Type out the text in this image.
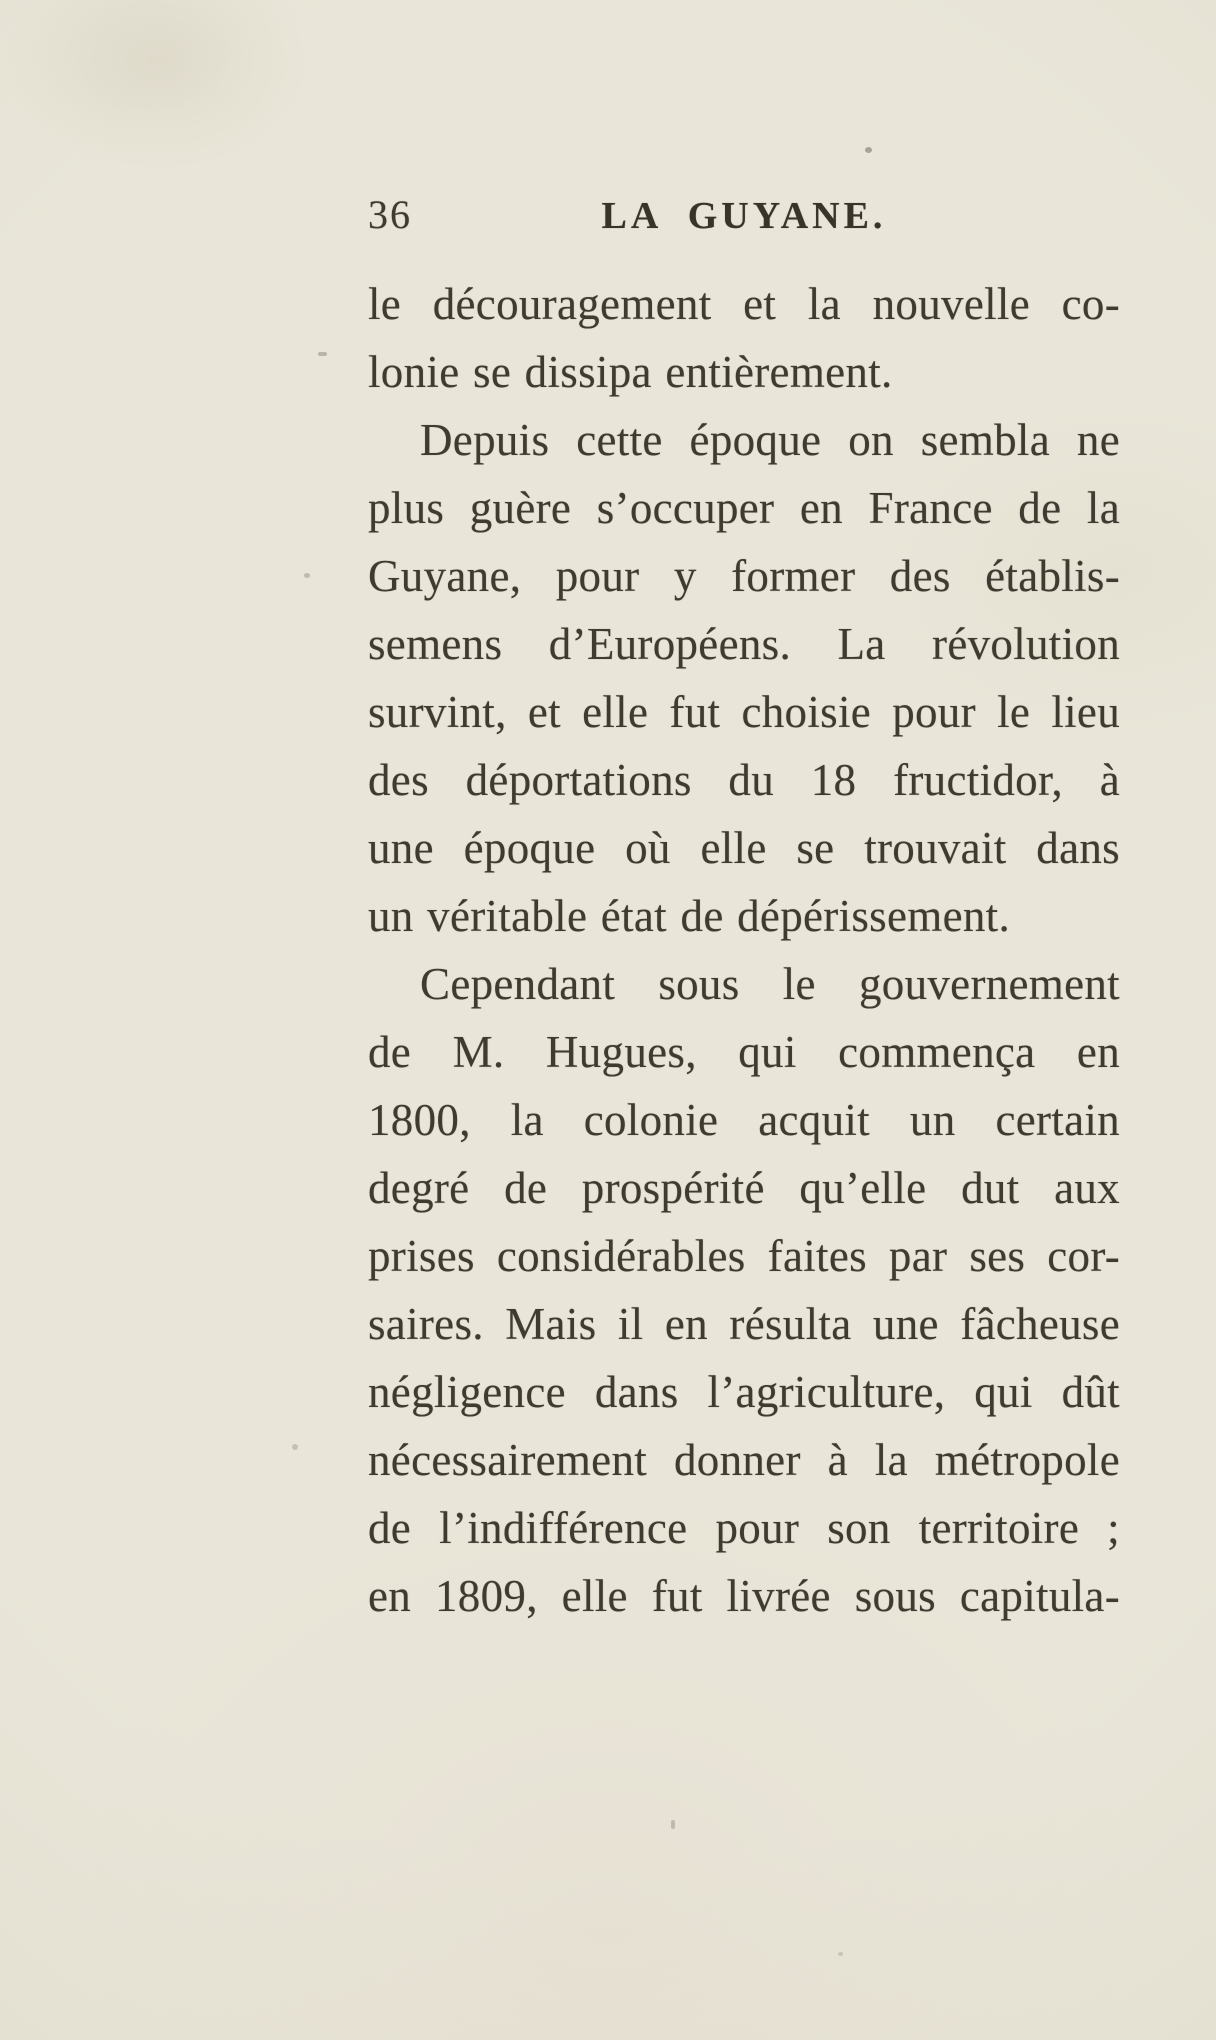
36	LA GUYANE.
le découragement et la nouvelle co-
lonie se dissipa entièrement.
Depuis cette époque on sembla ne
plus guère s’occuper en France de la
Guyane, pour y former des établis-
semens d’Européens. La révolution
survint, et elle fut choisie pour le lieu
des déportations du 18 fructidor, à
une époque où elle se trouvait dans
un véritable état de dépérissement.
Cependant sous le gouvernement
de M. Hugues, qui commença en
1800, la colonie acquit un certain
degré de prospérité qu’elle dut aux
prises considérables faites par ses cor-
saires. Mais il en résulta une fâcheuse
négligence dans l’agriculture, qui dût
nécessairement donner à la métropole
de l’indifférence pour son territoire ;
en 1809, elle fut livrée sous capitula-
